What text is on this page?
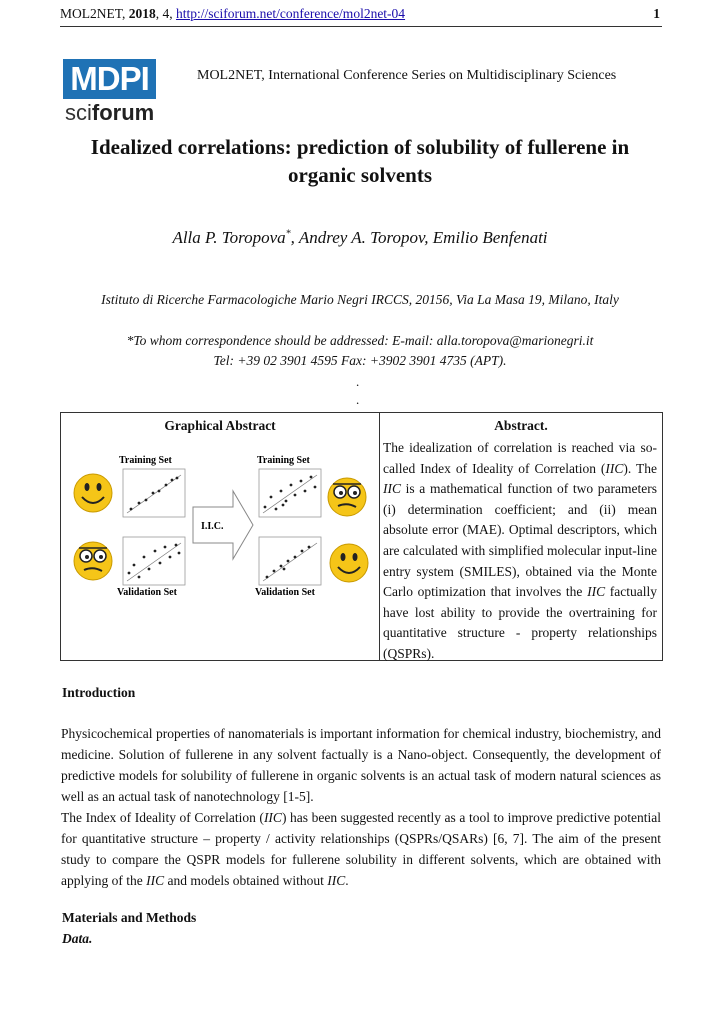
MOL2NET, 2018, 4, http://sciforum.net/conference/mol2net-04	1
MDPI
sciforum
MOL2NET, International Conference Series on Multidisciplinary Sciences
Idealized correlations: prediction of solubility of fullerene in organic solvents
Alla P. Toropova*, Andrey A. Toropov, Emilio Benfenati
Istituto di Ricerche Farmacologiche Mario Negri IRCCS, 20156, Via La Masa 19, Milano, Italy
*To whom correspondence should be addressed: E-mail: alla.toropova@marionegri.it
Tel: +39 02 3901 4595 Fax: +3902 3901 4735 (APT).
.
.
Graphical Abstract
Training Set	Training Set
Validation Set	Validation Set
I.I.C.
Abstract.
The idealization of correlation is reached via so-called Index of Ideality of Correlation (IIC). The IIC is a mathematical function of two parameters (i) determination coefficient; and (ii) mean absolute error (MAE). Optimal descriptors, which are calculated with simplified molecular input-line entry system (SMILES), obtained via the Monte Carlo optimization that involves the IIC factually have lost ability to provide the overtraining for quantitative structure - property relationships (QSPRs).
Introduction
Physicochemical properties of nanomaterials is important information for chemical industry, biochemistry, and medicine. Solution of fullerene in any solvent factually is a Nano-object. Consequently, the development of predictive models for solubility of fullerene in organic solvents is an actual task of modern natural sciences as well as an actual task of nanotechnology [1-5].
The Index of Ideality of Correlation (IIC) has been suggested recently as a tool to improve predictive potential for quantitative structure – property / activity relationships (QSPRs/QSARs) [6, 7]. The aim of the present study to compare the QSPR models for fullerene solubility in different solvents, which are obtained with applying of the IIC and models obtained without IIC.
Materials and Methods
Data.
